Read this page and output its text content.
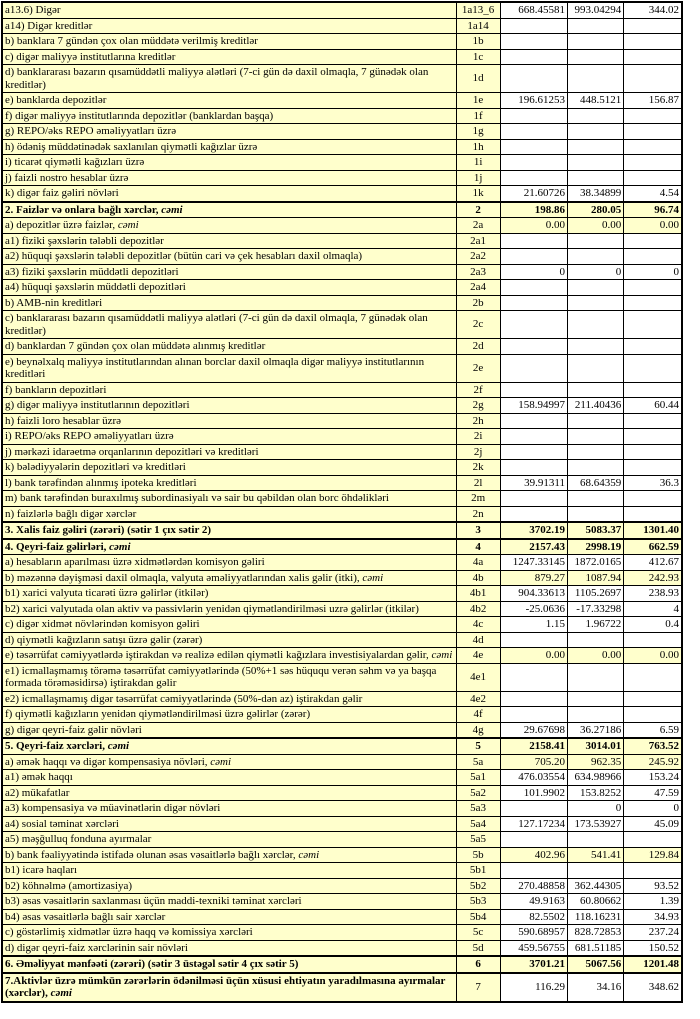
a13.6) Digər	1a13_6	668.45581	993.04294	344.02
a14) Digər kreditlər	1a14			
b) banklara 7 gündən çox olan müddətə verilmiş kreditlər	1b			
c) digər maliyyə institutlarına kreditlər	1c			
d) banklararası bazarın qısamüddətli maliyyə alətləri (7-ci gün də daxil olmaqla, 7 günədək olan kreditlər)	1d			
e) banklarda depozitlər	1e	196.61253	448.5121	156.87
f) digər maliyyə institutlarında depozitlər (banklardan başqa)	1f			
g) REPO/əks REPO əməliyyatları üzrə	1g			
h) ödəniş müddətinədək saxlanılan qiymətli kağızlar üzrə	1h			
i) ticarət qiymətli kağızları üzrə	1i			
j) faizli nostro hesablar üzrə	1j			
k) digər faiz gəliri növləri	1k	21.60726	38.34899	4.54
2. Faizlər və onlara bağlı xərclər, cəmi	2	198.86	280.05	96.74
a) depozitlər üzrə faizlər, cəmi	2a	0.00	0.00	0.00
a1) fiziki şəxslərin tələbli depozitlər	2a1			
a2) hüquqi şəxslərin tələbli depozitlər (bütün cari və çek hesabları daxil olmaqla)	2a2			
a3) fiziki şəxslərin müddətli depozitləri	2a3	0	0	0
a4) hüquqi şəxslərin müddətli depozitləri	2a4			
b) AMB-nin kreditləri	2b			
c) banklararası bazarın qısamüddətli maliyyə alətləri (7-ci gün də daxil olmaqla, 7 günədək olan kreditlər)	2c			
d) banklardan 7 gündən çox olan müddətə alınmış kreditlər	2d			
e) beynəlxalq maliyyə institutlarından alınan borclar daxil olmaqla digər maliyyə institutlarının kreditləri	2e			
f) bankların depozitləri	2f			
g) digər maliyyə institutlarının depozitləri	2g	158.94997	211.40436	60.44
h) faizli loro hesablar üzrə	2h			
i) REPO/əks REPO əməliyyatları üzrə	2i			
j) mərkəzi idarəetmə orqanlarının depozitləri və kreditləri	2j			
k) bələdiyyələrin depozitləri və kreditləri	2k			
l) bank tərəfindən alınmış ipoteka kreditləri	2l	39.91311	68.64359	36.3
m) bank tərəfindən buraxılmış subordinasiyalı və sair bu qəbildən olan borc öhdəlikləri	2m			
n) faizlərlə bağlı digər xərclər	2n			
3. Xalis faiz gəliri (zərəri) (sətir 1 çıx sətir 2)	3	3702.19	5083.37	1301.40
4. Qeyri-faiz gəlirləri, cəmi	4	2157.43	2998.19	662.59
a) hesabların aparılması üzrə xidmətlərdən komisyon gəliri	4a	1247.33145	1872.0165	412.67
b) məzənnə dəyişməsi daxil olmaqla, valyuta əməliyyatlarından xalis gəlir (itki), cəmi	4b	879.27	1087.94	242.93
b1) xarici valyuta ticarəti üzrə gəlirlər (itkilər)	4b1	904.33613	1105.2697	238.93
b2) xarici valyutada olan aktiv və passivlərin yenidən qiymətləndirilməsi uzrə gəlirlər (itkilər)	4b2	-25.0636	-17.33298	4
c) digər xidmət növlərindən komisyon gəliri	4c	1.15	1.96722	0.4
d) qiymətli kağızların satışı üzrə gəlir (zərər)	4d			
e) təsərrüfat cəmiyyətlərdə iştirakdan və realizə edilən qiymətli kağızlara investisiyalardan gəlir, cəmi	4e	0.00	0.00	0.00
e1) icmallaşmamış törəmə təsərrüfat cəmiyyətlərində (50%+1 səs hüququ verən səhm və ya başqa formada törəməsidirsə) iştirakdan gəlir	4e1			
e2) icmallaşmamış digər təsərrüfat cəmiyyətlərində (50%-dən az) iştirakdan gəlir	4e2			
f) qiymətli kağızların yenidən qiymətləndirilməsi üzrə gəlirlər (zərər)	4f			
g) digər qeyri-faiz gəlir növləri	4g	29.67698	36.27186	6.59
5. Qeyri-faiz xərcləri, cəmi	5	2158.41	3014.01	763.52
a) əmək haqqı və digər kompensasiya növləri, cəmi	5a	705.20	962.35	245.92
a1) əmək haqqı	5a1	476.03554	634.98966	153.24
a2) mükafatlar	5a2	101.9902	153.8252	47.59
a3) kompensasiya və müavinətlərin digər növləri	5a3		0	0
a4) sosial təminat xərcləri	5a4	127.17234	173.53927	45.09
a5) məşğulluq fonduna ayırmalar	5a5			
b) bank fəaliyyətində istifadə olunan əsas vəsaitlərlə bağlı xərclər, cəmi	5b	402.96	541.41	129.84
b1) icarə haqları	5b1			
b2) köhnəlmə (amortizasiya)	5b2	270.48858	362.44305	93.52
b3) əsas vəsaitlərin saxlanması üçün maddi-texniki təminat xərcləri	5b3	49.9163	60.80662	1.39
b4) əsas vəsaitlərlə bağlı sair xərclər	5b4	82.5502	118.16231	34.93
c) göstərlimiş xidmətlər üzrə haqq və komissiya xərcləri	5c	590.68957	828.72853	237.24
d) digər qeyri-faiz xərclərinin sair növləri	5d	459.56755	681.51185	150.52
6. Əməliyyat mənfəəti (zərəri) (sətir 3 üstəgəl sətir 4 çıx sətir 5)	6	3701.21	5067.56	1201.48
7.Aktivlər üzrə mümkün zərərlərin ödənilməsi üçün xüsusi ehtiyatın yaradılmasına ayırmalar (xərclər), cəmi	7	116.29	34.16	348.62
